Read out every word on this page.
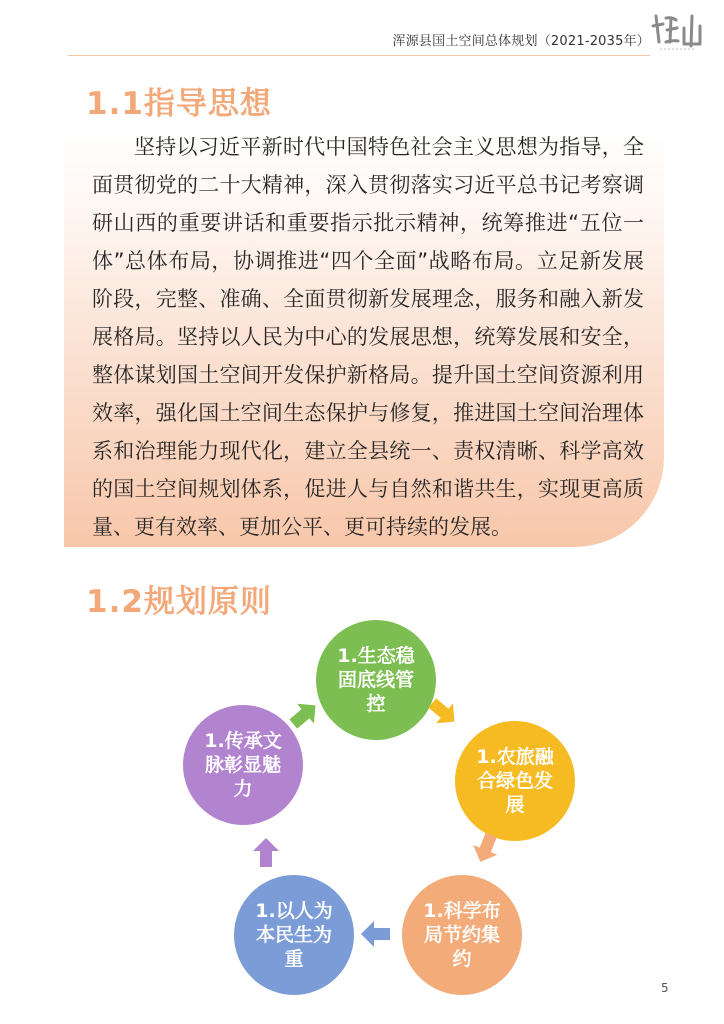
浑源县国土空间总体规划（2021-2035年）
1.1指导思想

坚持以习近平新时代中国特色社会主义思想为指导，全面贯彻党的二十大精神，深入贯彻落实习近平总书记考察调研山西的重要讲话和重要指示批示精神，统筹推进“五位一体”总体布局，协调推进“四个全面”战略布局。立足新发展阶段，完整、准确、全面贯彻新发展理念，服务和融入新发展格局。坚持以人民为中心的发展思想，统筹发展和安全，整体谋划国土空间开发保护新格局。提升国土空间资源利用效率，强化国土空间生态保护与修复，推进国土空间治理体系和治理能力现代化，建立全县统一、责权清晰、科学高效的国土空间规划体系，促进人与自然和谐共生，实现更高质量、更有效率、更加公平、更可持续的发展。

1.2规划原则
1.生态稳固底线管控
1.农旅融合绿色发展
1.科学布局节约集约
1.以人为本民生为重
1.传承文脉彰显魅力
5
